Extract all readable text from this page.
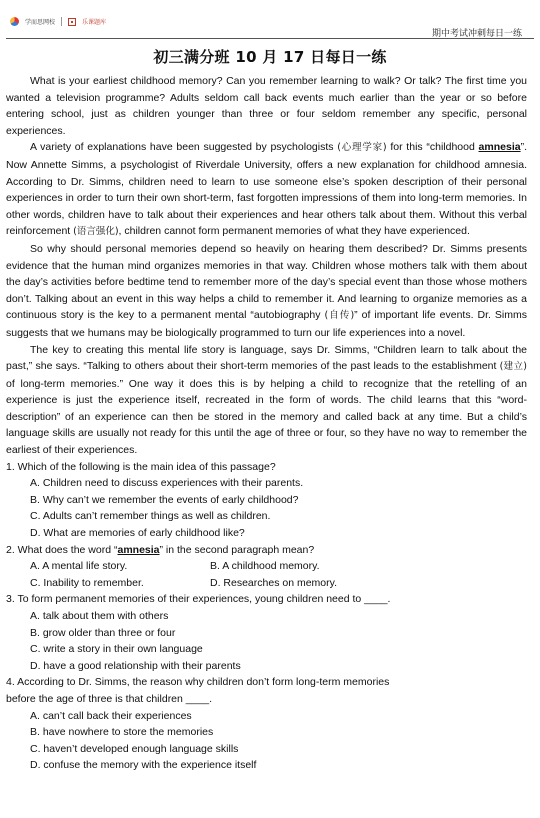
学而思网校	乐课题库
期中考试冲刺每日一练
初三满分班 10 月 17 日每日一练

What is your earliest childhood memory? Can you remember learning to walk? Or talk? The first time you wanted a television programme? Adults seldom call back events much earlier than the year or so before entering school, just as children younger than three or four seldom remember any specific, personal experiences.

A variety of explanations have been suggested by psychologists (心理学家) for this “childhood amnesia”. Now Annette Simms, a psychologist of Riverdale University, offers a new explanation for childhood amnesia. According to Dr. Simms, children need to learn to use someone else’s spoken description of their personal experiences in order to turn their own short-term, fast forgotten impressions of them into long-term memories. In other words, children have to talk about their experiences and hear others talk about them. Without this verbal reinforcement (语言强化), children cannot form permanent memories of what they have experienced.

So why should personal memories depend so heavily on hearing them described? Dr. Simms presents evidence that the human mind organizes memories in that way. Children whose mothers talk with them about the day’s activities before bedtime tend to remember more of the day’s special event than those whose mothers don’t. Talking about an event in this way helps a child to remember it. And learning to organize memories as a continuous story is the key to a permanent mental “autobiography (自传)” of important life events. Dr. Simms suggests that we humans may be biologically programmed to turn our life experiences into a novel.

The key to creating this mental life story is language, says Dr. Simms, “Children learn to talk about the past,” she says. “Talking to others about their short-term memories of the past leads to the establishment (建立) of long-term memories.” One way it does this is by helping a child to recognize that the retelling of an experience is just the experience itself, recreated in the form of words. The child learns that this “word-description” of an experience can then be stored in the memory and called back at any time. But a child’s language skills are usually not ready for this until the age of three or four, so they have no way to remember the earliest of their experiences.

1. Which of the following is the main idea of this passage?

A. Children need to discuss experiences with their parents.

B. Why can’t we remember the events of early childhood?

C. Adults can’t remember things as well as children.

D. What are memories of early childhood like?

2. What does the word “amnesia” in the second paragraph mean?

A. A mental life story.	B. A childhood memory.
C. Inability to remember.	D. Researches on memory.

3. To form permanent memories of their experiences, young children need to ____.

A. talk about them with others

B. grow older than three or four

C. write a story in their own language

D. have a good relationship with their parents

4. According to Dr. Simms, the reason why children don’t form long-term memories

before the age of three is that children ____.

A. can’t call back their experiences

B. have nowhere to store the memories

C. haven’t developed enough language skills

D. confuse the memory with the experience itself
